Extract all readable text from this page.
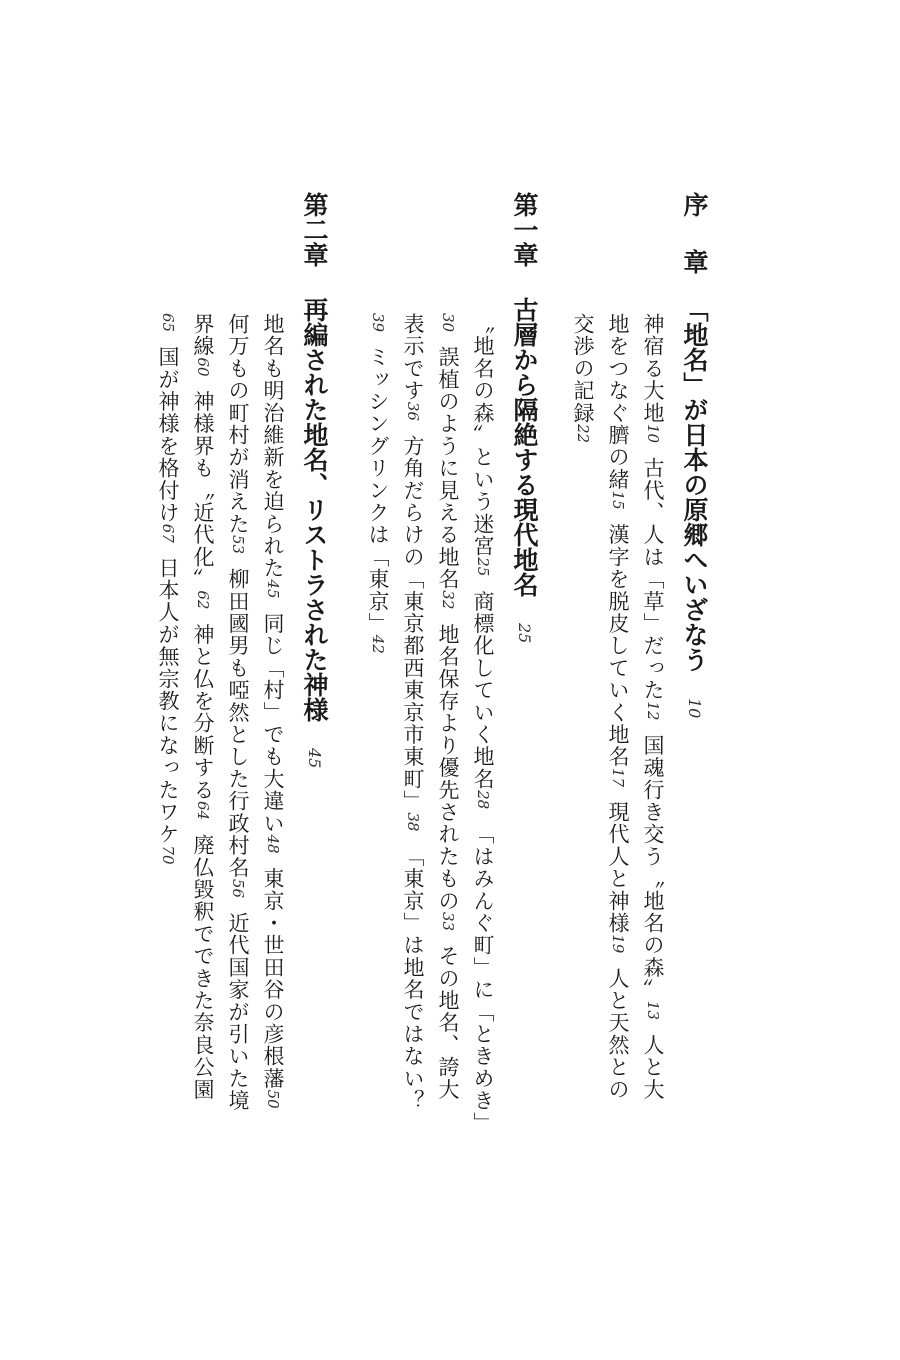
序章
「地名」が日本の原郷へいざなう10
神宿る大地10古代、人は「草」だった12国魂行き交う〝地名の森〟13人と大
地をつなぐ臍の緒15漢字を脱皮していく地名17現代人と神様19人と天然との
交渉の記録22
第一章
古層から隔絶する現代地名25
〝地名の森〟という迷宮25商標化していく地名28「はみんぐ町」に「ときめき」
30誤植のように見える地名32地名保存より優先されたもの33その地名、誇大
表示です36方角だらけの「東京都西東京市東町」38「東京」は地名ではない？
39ミッシングリンクは「東京」42
第二章
再編された地名、リストラされた神様45
地名も明治維新を迫られた45同じ「村」でも大違い48東京・世田谷の彦根藩50
何万もの町村が消えた53柳田國男も啞然とした行政村名56近代国家が引いた境
界線60神様界も〝近代化〟62神と仏を分断する64廃仏毀釈でできた奈良公園
65国が神様を格付け67日本人が無宗教になったワケ70
